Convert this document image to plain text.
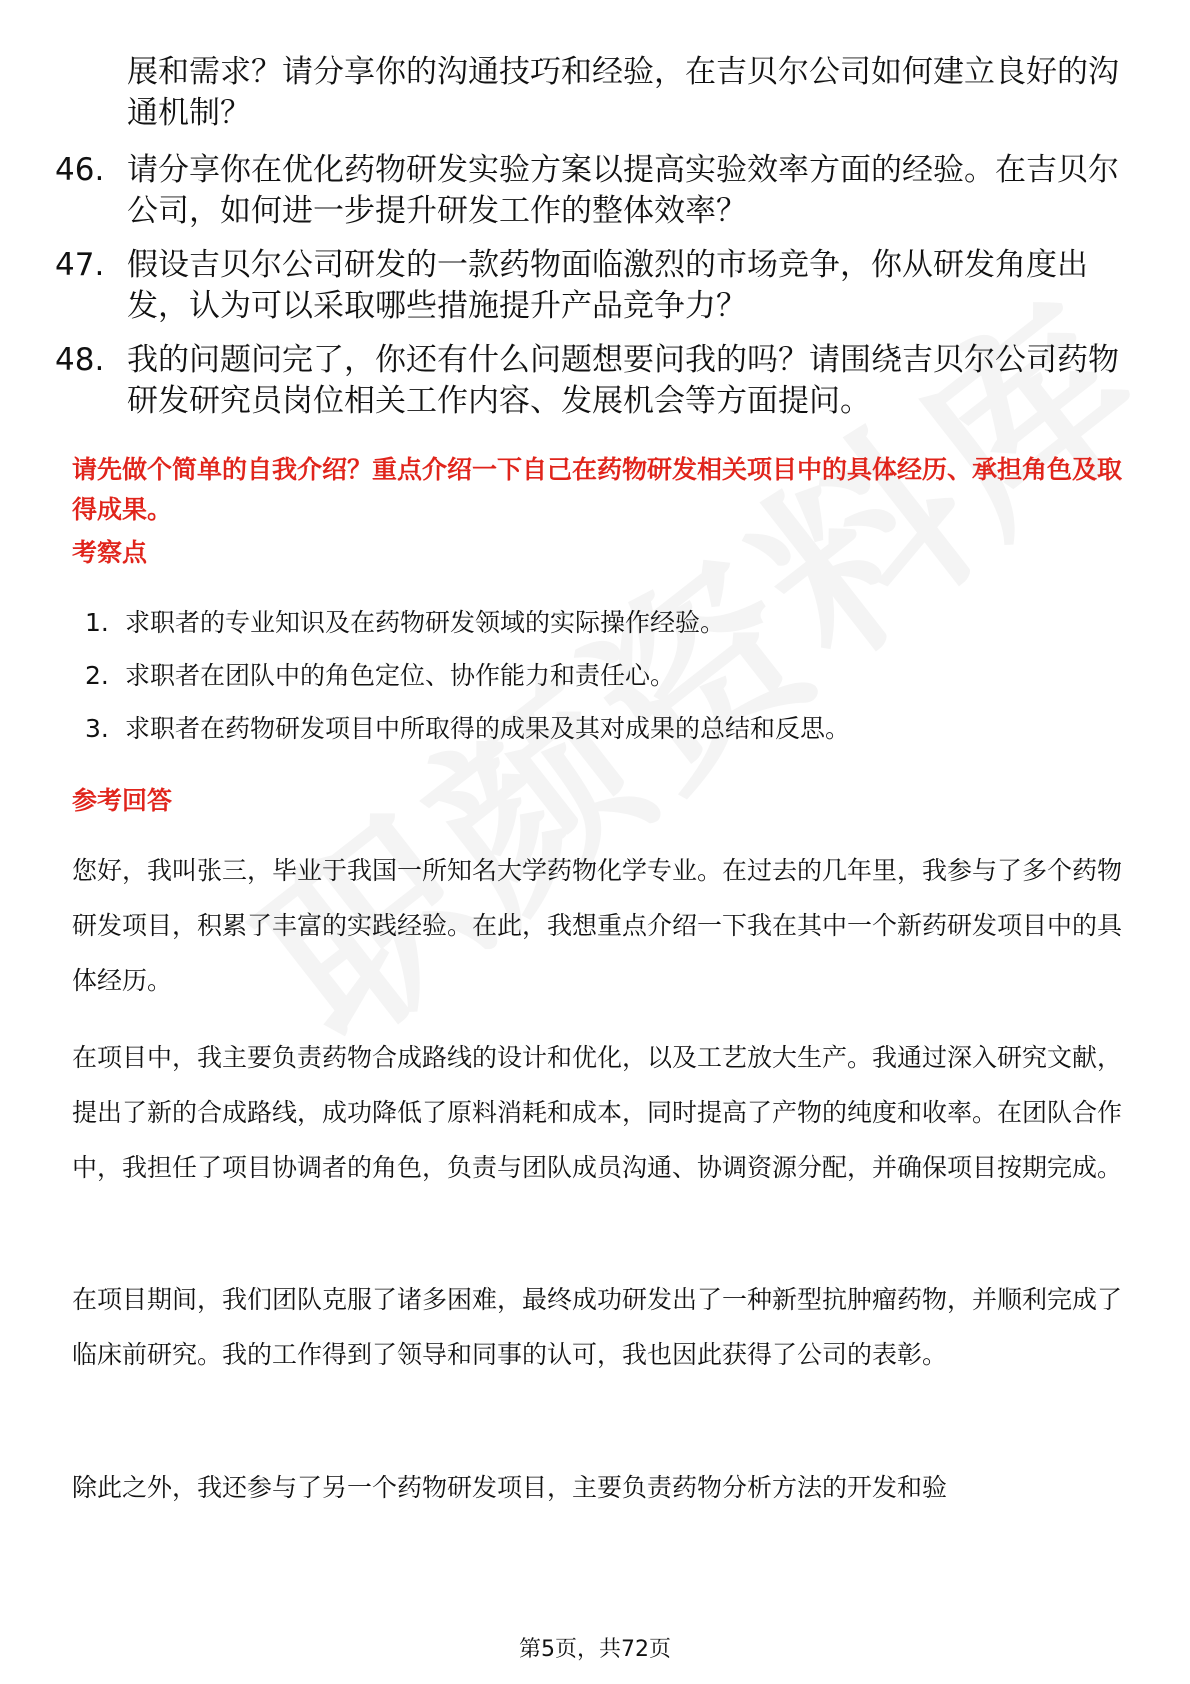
展和需求？请分享你的沟通技巧和经验，在吉贝尔公司如何建立良好的沟通机制？
46. 请分享你在优化药物研发实验方案以提高实验效率方面的经验。在吉贝尔公司，如何进一步提升研发工作的整体效率？
47. 假设吉贝尔公司研发的一款药物面临激烈的市场竞争，你从研发角度出发，认为可以采取哪些措施提升产品竞争力？
48. 我的问题问完了，你还有什么问题想要问我的吗？请围绕吉贝尔公司药物研发研究员岗位相关工作内容、发展机会等方面提问。
请先做个简单的自我介绍？重点介绍一下自己在药物研发相关项目中的具体经历、承担角色及取得成果。
考察点
1. 求职者的专业知识及在药物研发领域的实际操作经验。
2. 求职者在团队中的角色定位、协作能力和责任心。
3. 求职者在药物研发项目中所取得的成果及其对成果的总结和反思。
参考回答
您好，我叫张三，毕业于我国一所知名大学药物化学专业。在过去的几年里，我参与了多个药物研发项目，积累了丰富的实践经验。在此，我想重点介绍一下我在其中一个新药研发项目中的具体经历。
在项目中，我主要负责药物合成路线的设计和优化，以及工艺放大生产。我通过深入研究文献，提出了新的合成路线，成功降低了原料消耗和成本，同时提高了产物的纯度和收率。在团队合作中，我担任了项目协调者的角色，负责与团队成员沟通、协调资源分配，并确保项目按期完成。
在项目期间，我们团队克服了诸多困难，最终成功研发出了一种新型抗肿瘤药物，并顺利完成了临床前研究。我的工作得到了领导和同事的认可，我也因此获得了公司的表彰。
除此之外，我还参与了另一个药物研发项目，主要负责药物分析方法的开发和验
第5页，共72页
